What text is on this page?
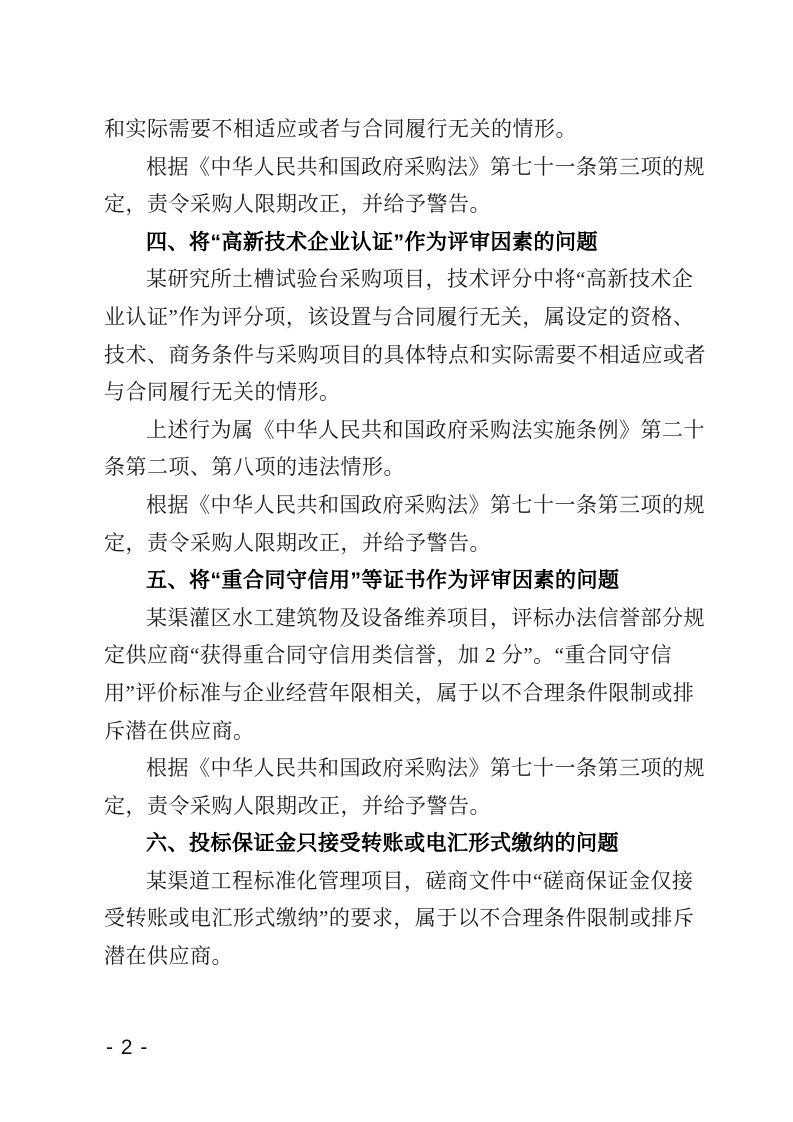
和实际需要不相适应或者与合同履行无关的情形。
根据《中华人民共和国政府采购法》第七十一条第三项的规
定，责令采购人限期改正，并给予警告。
四、将“高新技术企业认证”作为评审因素的问题
某研究所土槽试验台采购项目，技术评分中将“高新技术企
业认证”作为评分项，该设置与合同履行无关，属设定的资格、
技术、商务条件与采购项目的具体特点和实际需要不相适应或者
与合同履行无关的情形。
上述行为属《中华人民共和国政府采购法实施条例》第二十
条第二项、第八项的违法情形。
根据《中华人民共和国政府采购法》第七十一条第三项的规
定，责令采购人限期改正，并给予警告。
五、将“重合同守信用”等证书作为评审因素的问题
某渠灌区水工建筑物及设备维养项目，评标办法信誉部分规
定供应商“获得重合同守信用类信誉，加 2 分”。“重合同守信
用”评价标准与企业经营年限相关，属于以不合理条件限制或排
斥潜在供应商。
根据《中华人民共和国政府采购法》第七十一条第三项的规
定，责令采购人限期改正，并给予警告。
六、投标保证金只接受转账或电汇形式缴纳的问题
某渠道工程标准化管理项目，磋商文件中“磋商保证金仅接
受转账或电汇形式缴纳”的要求，属于以不合理条件限制或排斥
潜在供应商。
- 2 -
